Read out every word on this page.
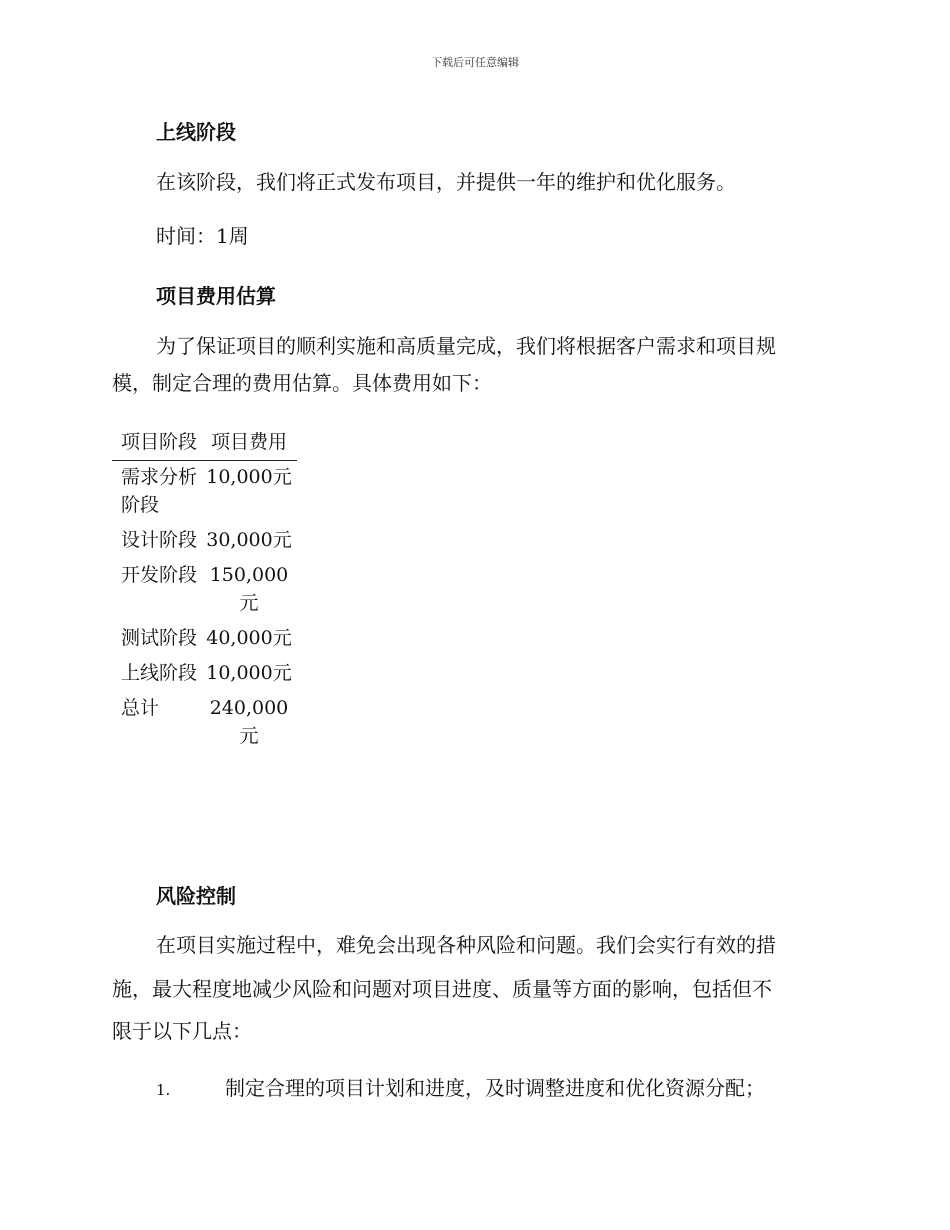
下载后可任意编辑
上线阶段
在该阶段，我们将正式发布项目，并提供一年的维护和优化服务。
时间：1周
项目费用估算
为了保证项目的顺利实施和高质量完成，我们将根据客户需求和项目规
模，制定合理的费用估算。具体费用如下：
项目阶段	项目费用
需求分析阶段	10,000元
设计阶段	30,000元
开发阶段	150,000元
测试阶段	40,000元
上线阶段	10,000元
总计	240,000元
风险控制
在项目实施过程中，难免会出现各种风险和问题。我们会实行有效的措
施，最大程度地减少风险和问题对项目进度、质量等方面的影响，包括但不
限于以下几点：
1.	制定合理的项目计划和进度，及时调整进度和优化资源分配；
